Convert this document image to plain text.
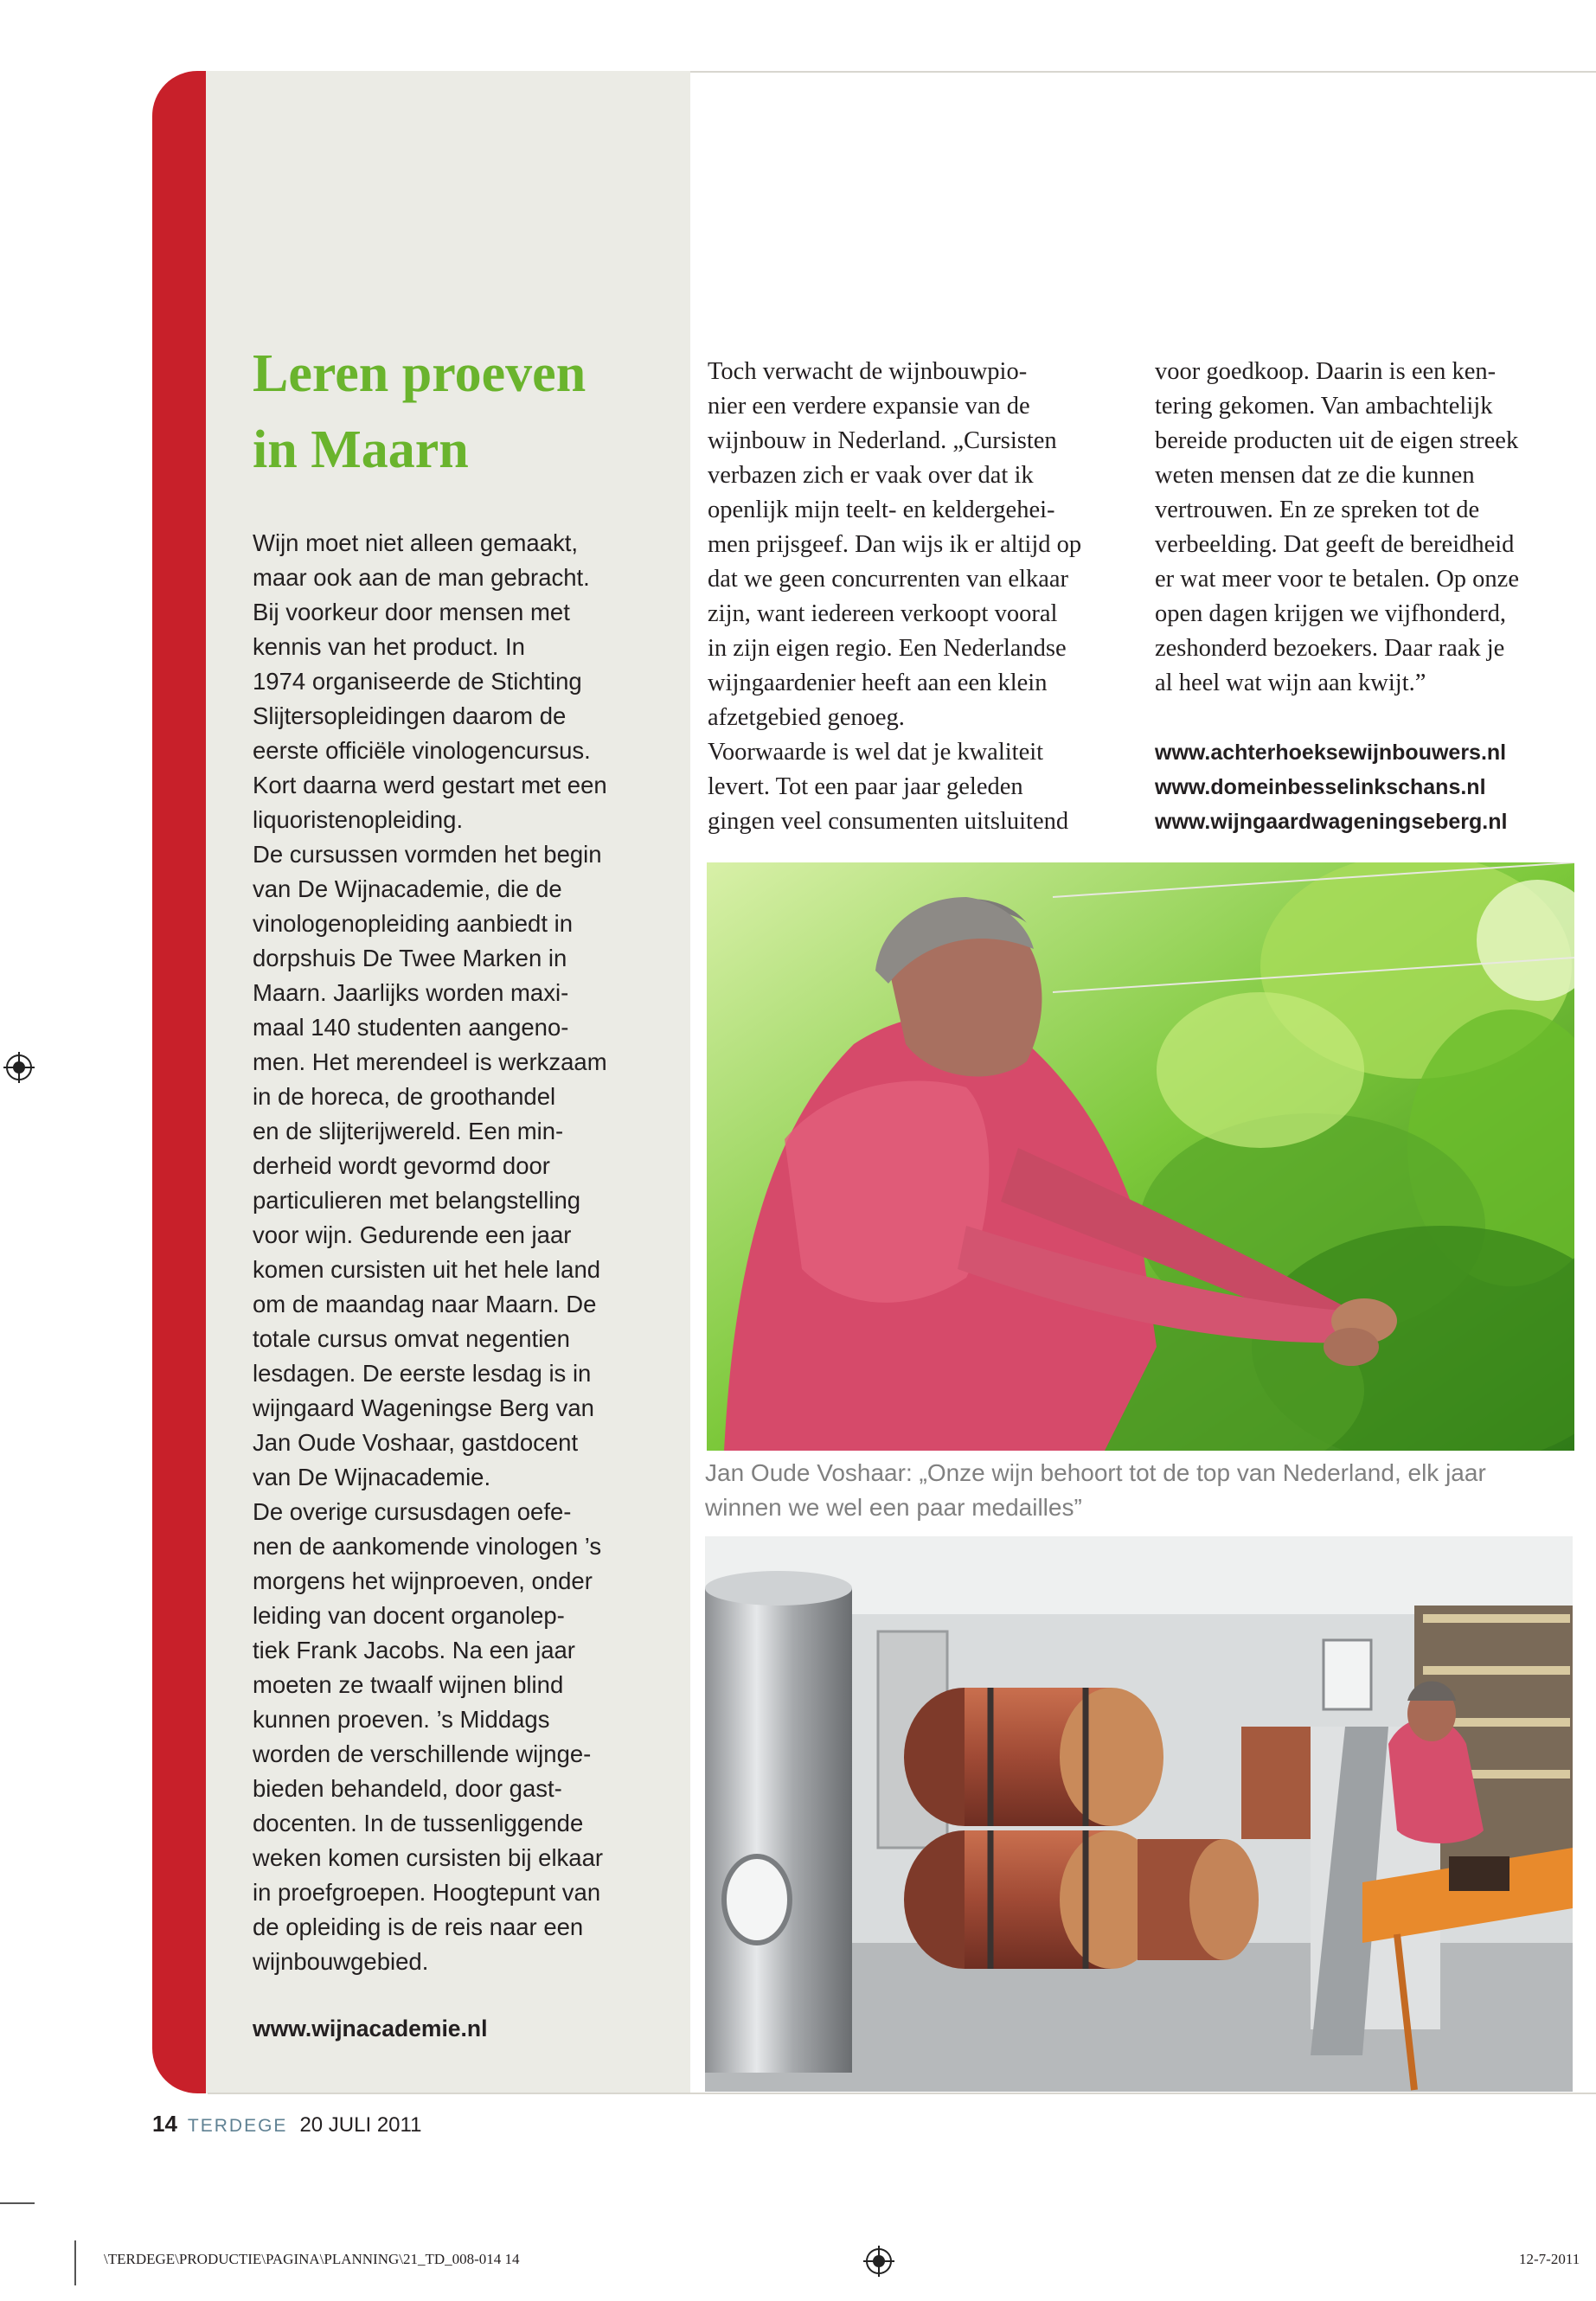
Leren proeven
in Maarn
Wijn moet niet alleen gemaakt,
maar ook aan de man gebracht.
Bij voorkeur door mensen met
kennis van het product. In
1974 organiseerde de Stichting
Slijtersopleidingen daarom de
eerste officiële vinologencursus.
Kort daarna werd gestart met een
liquoristenopleiding.
De cursussen vormden het begin
van De Wijnacademie, die de
vinologenopleiding aanbiedt in
dorpshuis De Twee Marken in
Maarn. Jaarlijks worden maxi-
maal 140 studenten aangeno-
men. Het merendeel is werkzaam
in de horeca, de groothandel
en de slijterijwereld. Een min-
derheid wordt gevormd door
particulieren met belangstelling
voor wijn. Gedurende een jaar
komen cursisten uit het hele land
om de maandag naar Maarn. De
totale cursus omvat negentien
lesdagen. De eerste lesdag is in
wijngaard Wageningse Berg van
Jan Oude Voshaar, gastdocent
van De Wijnacademie.
De overige cursusdagen oefe-
nen de aankomende vinologen ’s
morgens het wijnproeven, onder
leiding van docent organolep-
tiek Frank Jacobs. Na een jaar
moeten ze twaalf wijnen blind
kunnen proeven. ’s Middags
worden de verschillende wijnge-
bieden behandeld, door gast-
docenten. In de tussenliggende
weken komen cursisten bij elkaar
in proefgroepen. Hoogtepunt van
de opleiding is de reis naar een
wijnbouwgebied.
www.wijnacademie.nl
Toch verwacht de wijnbouwpio-
nier een verdere expansie van de
wijnbouw in Nederland. „Cursisten
verbazen zich er vaak over dat ik
openlijk mijn teelt- en keldergehei-
men prijsgeef. Dan wijs ik er altijd op
dat we geen concurrenten van elkaar
zijn, want iedereen verkoopt vooral
in zijn eigen regio. Een Nederlandse
wijngaardenier heeft aan een klein
afzetgebied genoeg.
Voorwaarde is wel dat je kwaliteit
levert. Tot een paar jaar geleden
gingen veel consumenten uitsluitend
voor goedkoop. Daarin is een ken-
tering gekomen. Van ambachtelijk
bereide producten uit de eigen streek
weten mensen dat ze die kunnen
vertrouwen. En ze spreken tot de
verbeelding. Dat geeft de bereidheid
er wat meer voor te betalen. Op onze
open dagen krijgen we vijfhonderd,
zeshonderd bezoekers. Daar raak je
al heel wat wijn aan kwijt.”
www.achterhoeksewijnbouwers.nl
www.domeinbesselinkschans.nl
www.wijngaardwageningseberg.nl
Jan Oude Voshaar: „Onze wijn behoort tot de top van Nederland, elk jaar
winnen we wel een paar medailles”
14 TERDEGE 20 JULI 2011
\TERDEGE\PRODUCTIE\PAGINA\PLANNING\21_TD_008-014 14	12-7-2011
